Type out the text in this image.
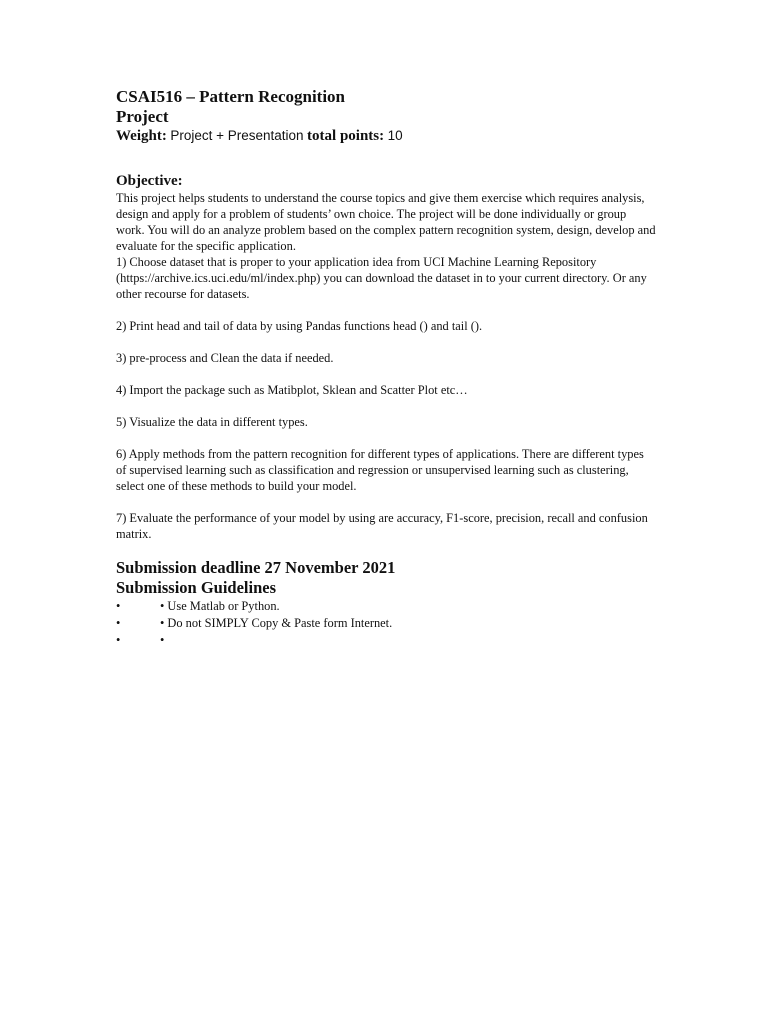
CSAI516 – Pattern Recognition

Project

Weight: Project + Presentation total points: 10

Objective:

This project helps students to understand the course topics and give them exercise which requires analysis, design and apply for a problem of students’ own choice. The project will be done individually or group work. You will do an analyze problem based on the complex pattern recognition system, design, develop and evaluate for the specific application.

1) Choose dataset that is proper to your application idea from UCI Machine Learning Repository (https://archive.ics.uci.edu/ml/index.php) you can download the dataset in to your current directory. Or any other recourse for datasets.

2) Print head and tail of data by using Pandas functions head () and tail ().

3) pre-process and Clean the data if needed.

4) Import the package such as Matibplot, Sklean and Scatter Plot etc…

5) Visualize the data in different types.

6) Apply methods from the pattern recognition for different types of applications. There are different types of supervised learning such as classification and regression or unsupervised learning such as clustering, select one of these methods to build your model.

7) Evaluate the performance of your model by using are accuracy, F1-score, precision, recall and confusion matrix.

Submission deadline 27 November 2021

Submission Guidelines

•	• Use Matlab or Python.
•	• Do not SIMPLY Copy & Paste form Internet.
•	•
